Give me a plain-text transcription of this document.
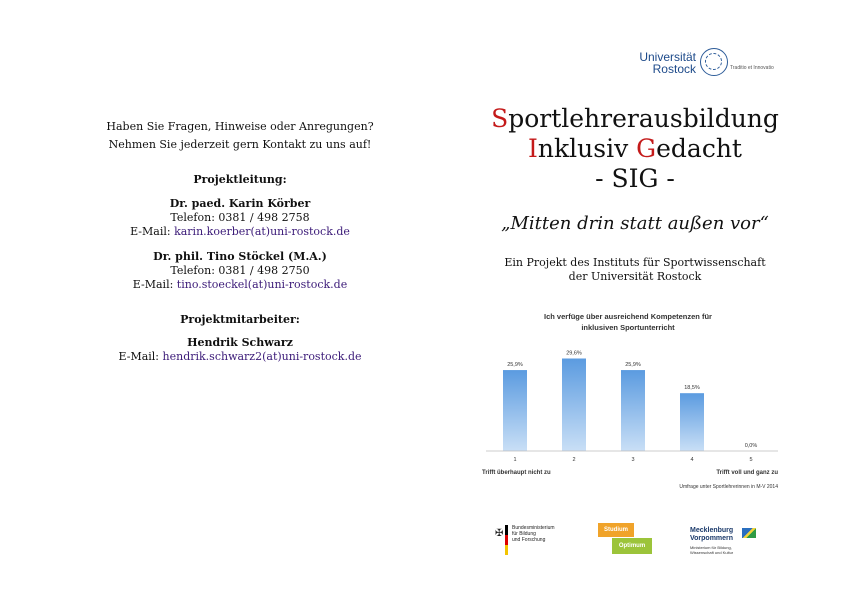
Haben Sie Fragen, Hinweise oder Anregungen?

Nehmen Sie jederzeit gern Kontakt zu uns auf!

Projektleitung:

Dr. paed. Karin Körber

Telefon: 0381 / 498 2758

E-Mail: karin.koerber(at)uni-rostock.de

Dr. phil. Tino Stöckel (M.A.)

Telefon: 0381 / 498 2750

E-Mail: tino.stoeckel(at)uni-rostock.de

Projektmitarbeiter:

Hendrik Schwarz

E-Mail: hendrik.schwarz2(at)uni-rostock.de

Universität
Rostock	Traditio et Innovatio
Sportlehrerausbildung
Inklusiv Gedacht
- SIG -
„Mitten drin statt außen vor“
Ein Projekt des Instituts für Sportwissenschaft
der Universität Rostock
Ich verfüge über ausreichend Kompetenzen für
inklusiven Sportunterricht
25,9%
1
29,6%
2
25,9%
3
18,5%
4
0,0%
5
Trifft überhaupt nicht zu	Trifft voll und ganz zu
Umfrage unter Sportlehrerinnen in M-V 2014
✠ Bundesministerium
für Bildung
und Forschung
Studium
Optimum
Mecklenburg
Vorpommern
Ministerium für Bildung,
Wissenschaft und Kultur
